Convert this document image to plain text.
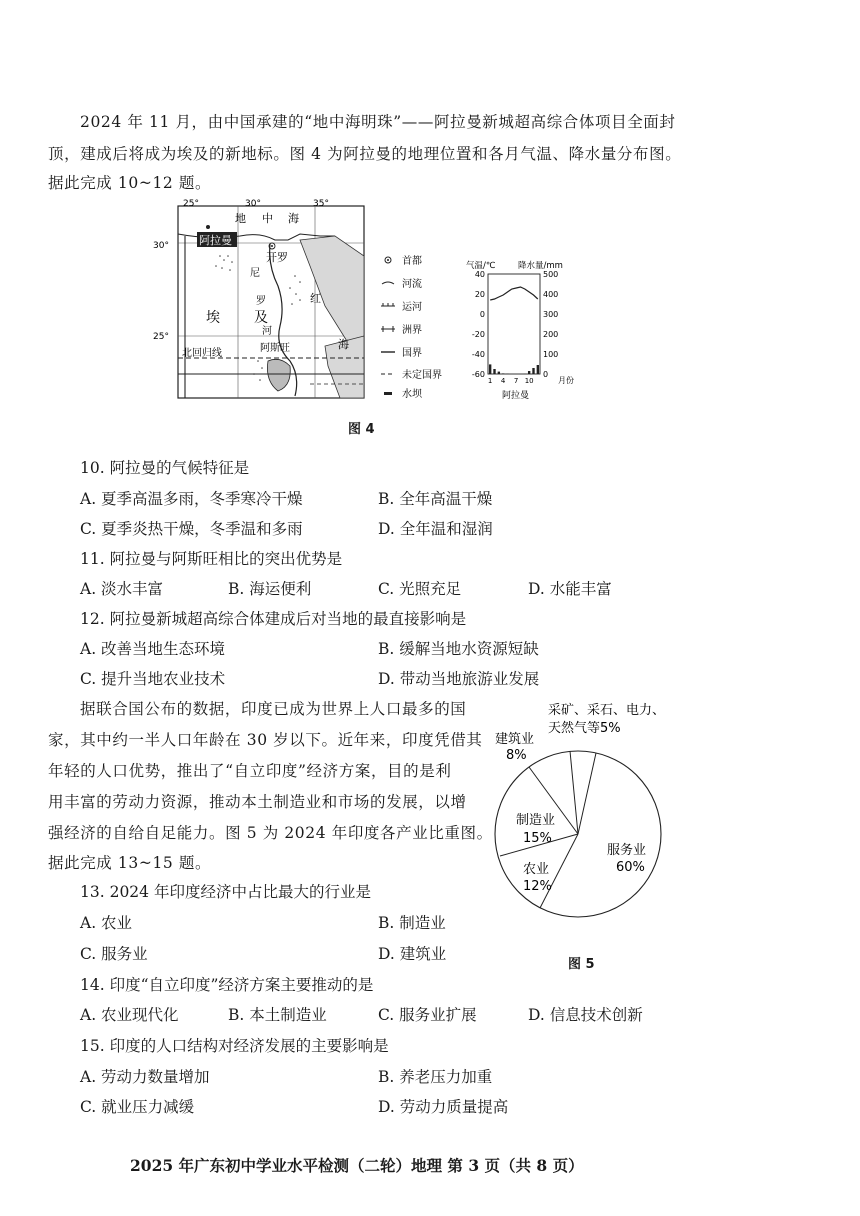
2024 年 11 月，由中国承建的“地中海明珠”——阿拉曼新城超高综合体项目全面封
顶，建成后将成为埃及的新地标。图 4 为阿拉曼的地理位置和各月气温、降水量分布图。
据此完成 10~12 题。
25°	30°	35°
30°
25°
地 中 海
阿拉曼
开罗
埃 及
尼
罗
河
红
海
阿斯旺
北回归线
首都
河流
运河
洲界
国界
未定国界
水坝
气温/℃	降水量/mm
40
20
0
-20
-40
-60
500
400
300
200
100
0
1 4 7 10	月份
阿拉曼
图 4
10. 阿拉曼的气候特征是
A. 夏季高温多雨，冬季寒冷干燥	B. 全年高温干燥
C. 夏季炎热干燥，冬季温和多雨	D. 全年温和湿润
11. 阿拉曼与阿斯旺相比的突出优势是
A. 淡水丰富	B. 海运便利	C. 光照充足	D. 水能丰富
12. 阿拉曼新城超高综合体建成后对当地的最直接影响是
A. 改善当地生态环境	B. 缓解当地水资源短缺
C. 提升当地农业技术	D. 带动当地旅游业发展
据联合国公布的数据，印度已成为世界上人口最多的国
家，其中约一半人口年龄在 30 岁以下。近年来，印度凭借其
年轻的人口优势，推出了“自立印度”经济方案，目的是利
用丰富的劳动力资源，推动本土制造业和市场的发展，以增
强经济的自给自足能力。图 5 为 2024 年印度各产业比重图。
据此完成 13~15 题。
采矿、采石、电力、
天然气等5%
建筑业
8%
制造业
15%
农业
12%
服务业
60%
图 5
13. 2024 年印度经济中占比最大的行业是
A. 农业	B. 制造业
C. 服务业	D. 建筑业
14. 印度“自立印度”经济方案主要推动的是
A. 农业现代化	B. 本土制造业	C. 服务业扩展	D. 信息技术创新
15. 印度的人口结构对经济发展的主要影响是
A. 劳动力数量增加	B. 养老压力加重
C. 就业压力减缓	D. 劳动力质量提高
2025 年广东初中学业水平检测（二轮）地理 第 3 页（共 8 页）
